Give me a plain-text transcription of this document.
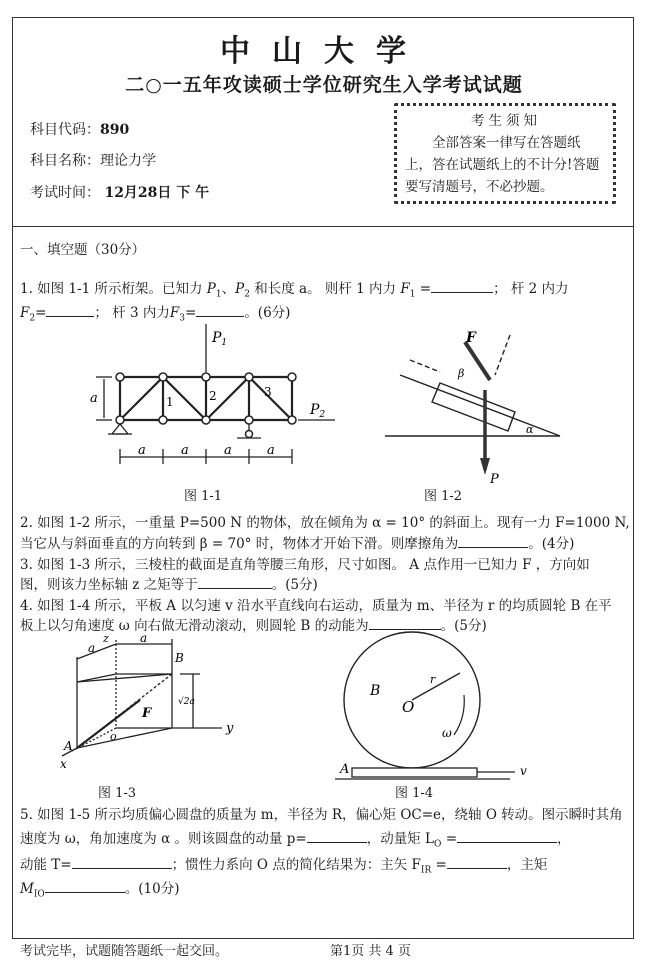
中山大学
二○一五年攻读硕士学位研究生入学考试试题
科目代码：890
科目名称：理论力学
考试时间： 12月28日 下 午
考生须知
全部答案一律写在答题纸上，答在试题纸上的不计分!答题要写清题号，不必抄题。
一、填空题（30分）
1. 如图 1-1 所示桁架。已知力 $P_1$、$P_2$ 和长度 a。 则杆 1 内力 $F_1$ =	； 杆 2 内力
$F_2=$	； 杆 3 内力$F_3=$	。(6分)
$P_1$
$P_2$
a	1	2	3
a	a	a	a
图 1-1
F
β
α
P
图 1-2
2. 如图 1-2 所示，一重量 P=500 N 的物体，放在倾角为 α = 10° 的斜面上。现有一力 F=1000 N,
当它从与斜面垂直的方向转到 β = 70° 时，物体才开始下滑。则摩擦角为	。(4分)
3. 如图 1-3 所示，三棱柱的截面是直角等腰三角形，尺寸如图。 A 点作用一已知力 F ，方向如
图，则该力坐标轴 z 之矩等于	。(5分)
4. 如图 1-4 所示，平板 A 以匀速 v 沿水平直线向右运动，质量为 m、半径为 r 的均质圆轮 B 在平
板上以匀角速度 ω 向右做无滑动滚动，则圆轮 B 的动能为	。(5分)
z
y
x
a
a
B
A
o
F
√2a
图 1-3
B
r
O
ω
A	v
图 1-4
5. 如图 1-5 所示均质偏心圆盘的质量为 m，半径为 R，偏心矩 OC=e，绕轴 O 转动。图示瞬时其角
速度为 ω，角加速度为 α 。则该圆盘的动量 p=	，动量矩 $L_O$ =	，
动能 T=	；惯性力系向 O 点的简化结果为：主矢 $F_{IR}$ =	，主矩
$M_{IO}$	。(10分)
考试完毕，试题随答题纸一起交回。	第1页 共 4 页
